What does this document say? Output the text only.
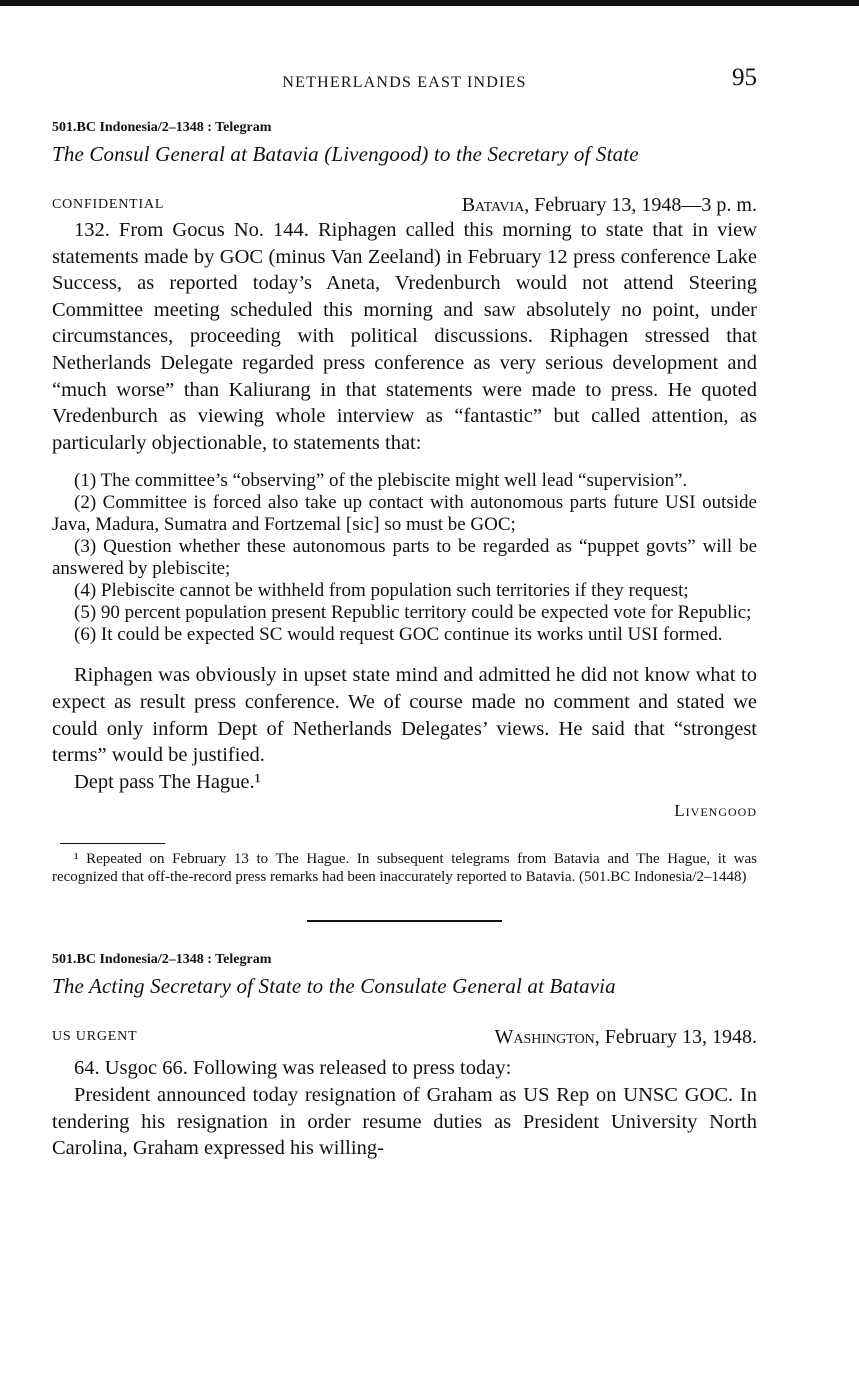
NETHERLANDS EAST INDIES	95
501.BC Indonesia/2–1348 : Telegram
The Consul General at Batavia (Livengood) to the Secretary of State
CONFIDENTIAL	Batavia, February 13, 1948—3 p. m.

132. From Gocus No. 144. Riphagen called this morning to state that in view statements made by GOC (minus Van Zeeland) in February 12 press conference Lake Success, as reported today’s Aneta, Vredenburch would not attend Steering Committee meeting scheduled this morning and saw absolutely no point, under circumstances, proceeding with political discussions. Riphagen stressed that Netherlands Delegate regarded press conference as very serious development and “much worse” than Kaliurang in that statements were made to press. He quoted Vredenburch as viewing whole interview as “fantastic” but called attention, as particularly objectionable, to statements that:

(1) The committee’s “observing” of the plebiscite might well lead “supervision”.

(2) Committee is forced also take up contact with autonomous parts future USI outside Java, Madura, Sumatra and Fortzemal [sic] so must be GOC;

(3) Question whether these autonomous parts to be regarded as “puppet govts” will be answered by plebiscite;

(4) Plebiscite cannot be withheld from population such territories if they request;

(5) 90 percent population present Republic territory could be expected vote for Republic;

(6) It could be expected SC would request GOC continue its works until USI formed.

Riphagen was obviously in upset state mind and admitted he did not know what to expect as result press conference. We of course made no comment and stated we could only inform Dept of Netherlands Delegates’ views. He said that “strongest terms” would be justified.

Dept pass The Hague.¹

Livengood

¹ Repeated on February 13 to The Hague. In subsequent telegrams from Batavia and The Hague, it was recognized that off-the-record press remarks had been inaccurately reported to Batavia. (501.BC Indonesia/2–1448)

501.BC Indonesia/2–1348 : Telegram
The Acting Secretary of State to the Consulate General at Batavia
US URGENT	Washington, February 13, 1948.

64. Usgoc 66. Following was released to press today:

President announced today resignation of Graham as US Rep on UNSC GOC. In tendering his resignation in order resume duties as President University North Carolina, Graham expressed his willing-
